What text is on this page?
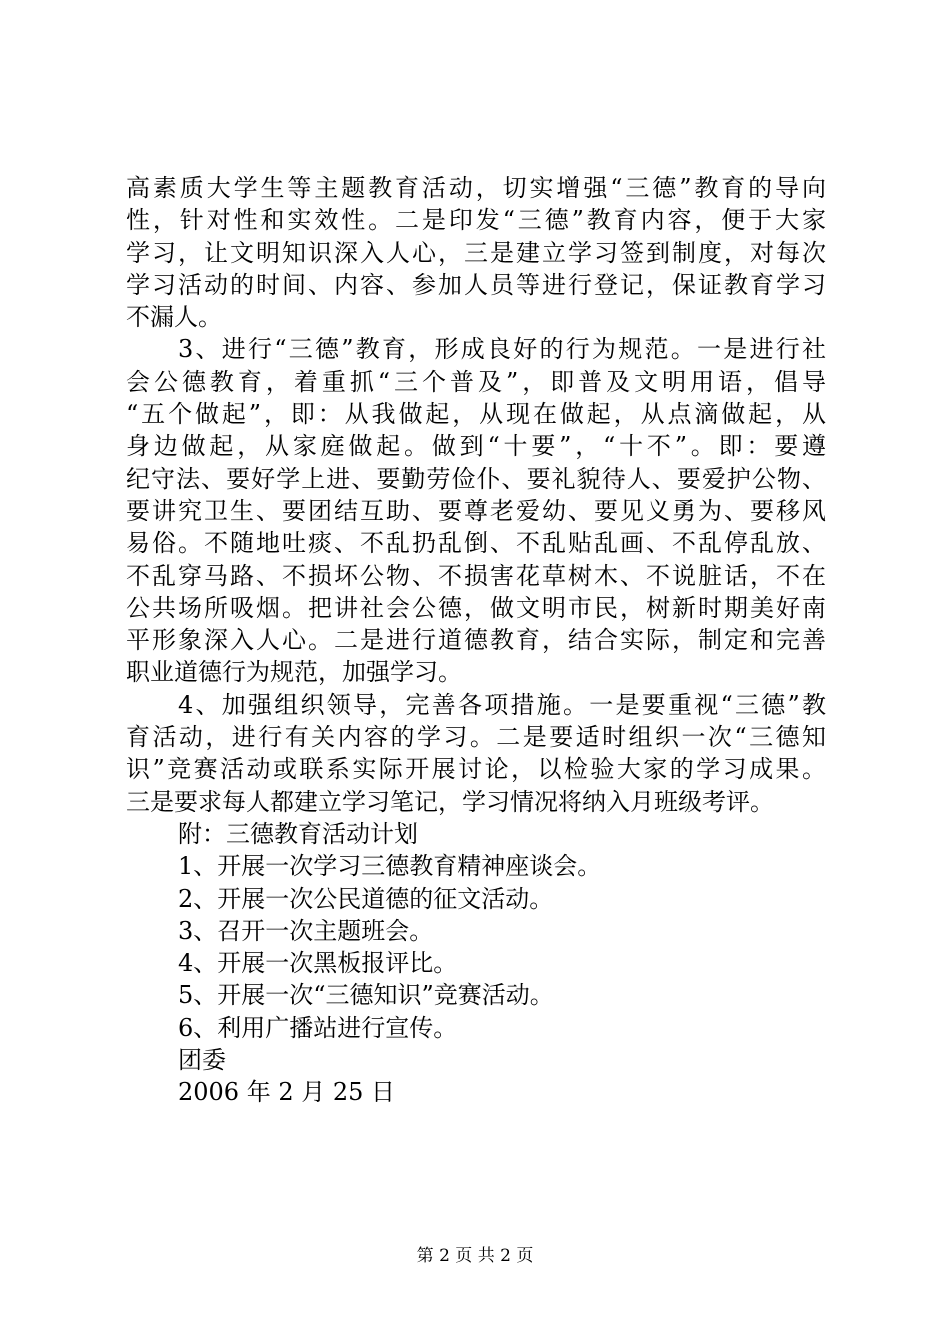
高素质大学生等主题教育活动，切实增强“三德”教育的导向
性，针对性和实效性。二是印发“三德”教育内容，便于大家
学习，让文明知识深入人心，三是建立学习签到制度，对每次
学习活动的时间、内容、参加人员等进行登记，保证教育学习
不漏人。
3、进行“三德”教育，形成良好的行为规范。一是进行社
会公德教育，着重抓“三个普及”，即普及文明用语，倡导
“五个做起”，即：从我做起，从现在做起，从点滴做起，从
身边做起，从家庭做起。做到“十要”，“十不”。即：要遵
纪守法、要好学上进、要勤劳俭仆、要礼貌待人、要爱护公物、
要讲究卫生、要团结互助、要尊老爱幼、要见义勇为、要移风
易俗。不随地吐痰、不乱扔乱倒、不乱贴乱画、不乱停乱放、
不乱穿马路、不损坏公物、不损害花草树木、不说脏话，不在
公共场所吸烟。把讲社会公德，做文明市民，树新时期美好南
平形象深入人心。二是进行道德教育，结合实际，制定和完善
职业道德行为规范，加强学习。
4、加强组织领导，完善各项措施。一是要重视“三德”教
育活动，进行有关内容的学习。二是要适时组织一次“三德知
识”竞赛活动或联系实际开展讨论，以检验大家的学习成果。
三是要求每人都建立学习笔记，学习情况将纳入月班级考评。
附：三德教育活动计划
1、开展一次学习三德教育精神座谈会。
2、开展一次公民道德的征文活动。
3、召开一次主题班会。
4、开展一次黑板报评比。
5、开展一次“三德知识”竞赛活动。
6、利用广播站进行宣传。
团委
2006 年 2 月 25 日
第 2 页 共 2 页
